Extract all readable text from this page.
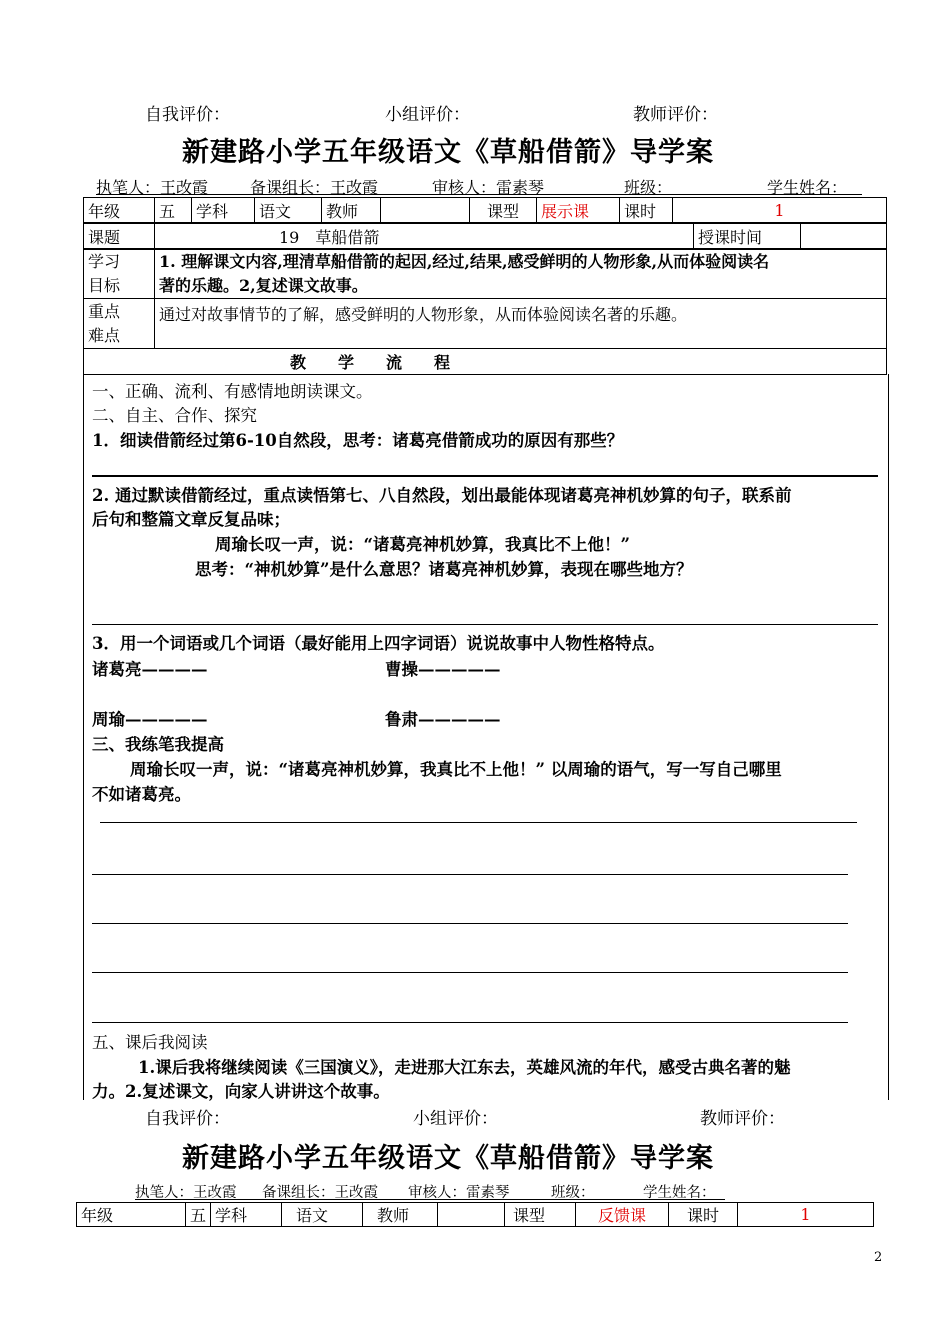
自我评价：	小组评价：	教师评价：
新建路小学五年级语文《草船借箭》导学案
执笔人：王改霞	备课组长：王改霞	审核人：雷素琴	班级：	学生姓名：
年级	五	学科	语文	教师		课型	展示课	课时	1
课题	19　草船借箭	授课时间	
学习
目标	1. 理解课文内容,理清草船借箭的起因,经过,结果,感受鲜明的人物形象,从而体验阅读名
著的乐趣。2,复述课文故事。
重点
难点	通过对故事情节的了解，感受鲜明的人物形象，从而体验阅读名著的乐趣。
教　　学　　流　　程
一、正确、流利、有感情地朗读课文。
二、自主、合作、探究
1．细读借箭经过第6-10自然段，思考：诸葛亮借箭成功的原因有那些？
2. 通过默读借箭经过，重点读悟第七、八自然段，划出最能体现诸葛亮神机妙算的句子，联系前
后句和整篇文章反复品味；
周瑜长叹一声，说：“诸葛亮神机妙算，我真比不上他！”
思考：“神机妙算”是什么意思？诸葛亮神机妙算，表现在哪些地方？
3．用一个词语或几个词语（最好能用上四字词语）说说故事中人物性格特点。
诸葛亮————	曹操—————
周瑜—————	鲁肃—————
三、我练笔我提高
周瑜长叹一声，说：“诸葛亮神机妙算，我真比不上他！” 以周瑜的语气，写一写自己哪里
不如诸葛亮。
五、课后我阅读
1.课后我将继续阅读《三国演义》，走进那大江东去，英雄风流的年代，感受古典名著的魅
力。2.复述课文，向家人讲讲这个故事。
自我评价：	小组评价：	教师评价：
新建路小学五年级语文《草船借箭》导学案
执笔人：王改霞 备课组长：王改霞 审核人：雷素琴	班级：	学生姓名：
年级	五	学科	语文	教师		课型	反馈课	课时	1
2
